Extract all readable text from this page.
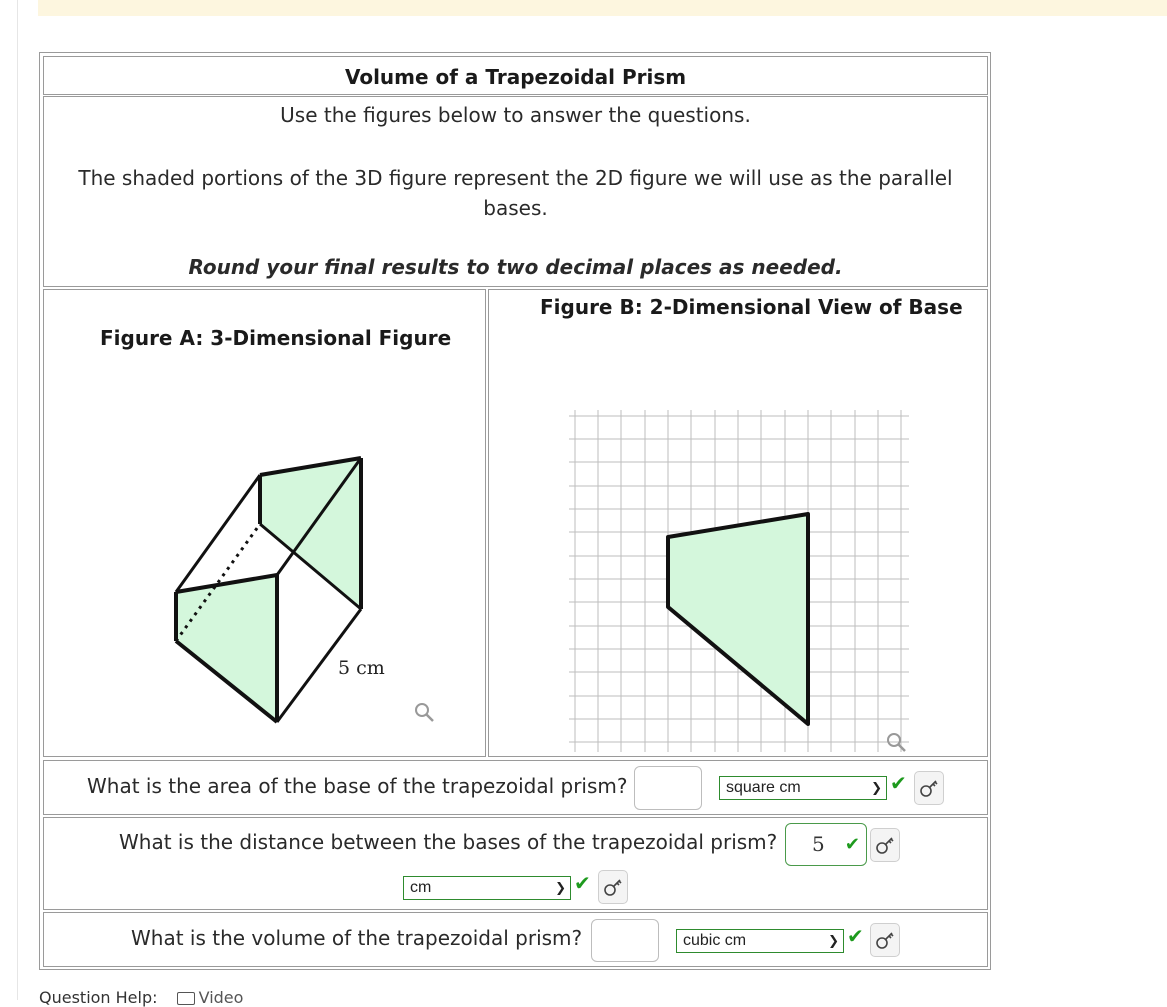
Volume of a Trapezoidal Prism
Use the figures below to answer the questions.
The shaded portions of the 3D figure represent the 2D figure we will use as the parallel bases.
Round your final results to two decimal places as needed.
Figure A: 3-Dimensional Figure
5 cm
Figure B: 2-Dimensional View of Base
What is the area of the base of the trapezoidal prism?	square cm	❯ ✔
What is the distance between the bases of the trapezoidal prism?	5 ✔
cm	❯ ✔
What is the volume of the trapezoidal prism?	cubic cm	❯ ✔
Question Help:	Video
